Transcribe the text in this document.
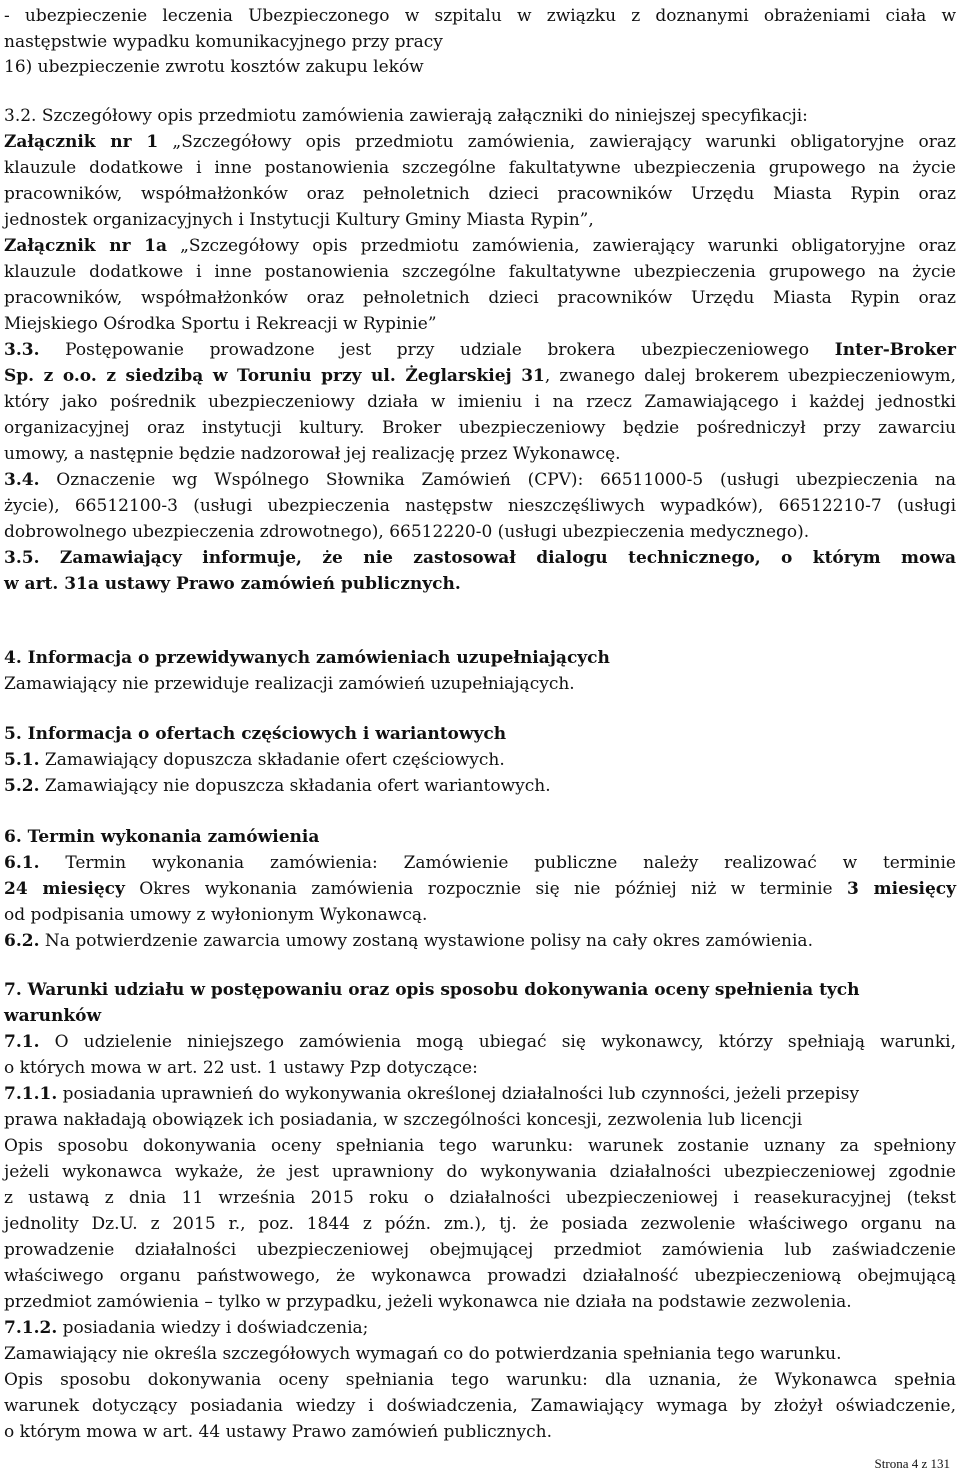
- ubezpieczenie leczenia Ubezpieczonego w szpitalu w związku z doznanymi obrażeniami ciała w
następstwie wypadku komunikacyjnego przy pracy
16) ubezpieczenie zwrotu kosztów zakupu leków
3.2. Szczegółowy opis przedmiotu zamówienia zawierają załączniki do niniejszej specyfikacji:
Załącznik nr 1 „Szczegółowy opis przedmiotu zamówienia, zawierający warunki obligatoryjne oraz
klauzule dodatkowe i inne postanowienia szczególne fakultatywne ubezpieczenia grupowego na życie
pracowników, współmałżonków oraz pełnoletnich dzieci pracowników Urzędu Miasta Rypin oraz
jednostek organizacyjnych i Instytucji Kultury Gminy Miasta Rypin”,
Załącznik nr 1a „Szczegółowy opis przedmiotu zamówienia, zawierający warunki obligatoryjne oraz
klauzule dodatkowe i inne postanowienia szczególne fakultatywne ubezpieczenia grupowego na życie
pracowników, współmałżonków oraz pełnoletnich dzieci pracowników Urzędu Miasta Rypin oraz
Miejskiego Ośrodka Sportu i Rekreacji w Rypinie”
3.3. Postępowanie prowadzone jest przy udziale brokera ubezpieczeniowego Inter-Broker
Sp. z o.o. z siedzibą w Toruniu przy ul. Żeglarskiej 31, zwanego dalej brokerem ubezpieczeniowym,
który jako pośrednik ubezpieczeniowy działa w imieniu i na rzecz Zamawiającego i każdej jednostki
organizacyjnej oraz instytucji kultury. Broker ubezpieczeniowy będzie pośredniczył przy zawarciu
umowy, a następnie będzie nadzorował jej realizację przez Wykonawcę.
3.4. Oznaczenie wg Wspólnego Słownika Zamówień (CPV): 66511000-5 (usługi ubezpieczenia na
życie), 66512100-3 (usługi ubezpieczenia następstw nieszczęśliwych wypadków), 66512210-7 (usługi
dobrowolnego ubezpieczenia zdrowotnego), 66512220-0 (usługi ubezpieczenia medycznego).
3.5. Zamawiający informuje, że nie zastosował dialogu technicznego, o którym mowa
w art. 31a ustawy Prawo zamówień publicznych.
4. Informacja o przewidywanych zamówieniach uzupełniających
Zamawiający nie przewiduje realizacji zamówień uzupełniających.
5. Informacja o ofertach częściowych i wariantowych
5.1. Zamawiający dopuszcza składanie ofert częściowych.
5.2. Zamawiający nie dopuszcza składania ofert wariantowych.
6. Termin wykonania zamówienia
6.1. Termin wykonania zamówienia: Zamówienie publiczne należy realizować w terminie
24 miesięcy Okres wykonania zamówienia rozpocznie się nie później niż w terminie 3 miesięcy
od podpisania umowy z wyłonionym Wykonawcą.
6.2. Na potwierdzenie zawarcia umowy zostaną wystawione polisy na cały okres zamówienia.
7. Warunki udziału w postępowaniu oraz opis sposobu dokonywania oceny spełnienia tych
warunków
7.1. O udzielenie niniejszego zamówienia mogą ubiegać się wykonawcy, którzy spełniają warunki,
o których mowa w art. 22 ust. 1 ustawy Pzp dotyczące:
7.1.1. posiadania uprawnień do wykonywania określonej działalności lub czynności, jeżeli przepisy
prawa nakładają obowiązek ich posiadania, w szczególności koncesji, zezwolenia lub licencji
Opis sposobu dokonywania oceny spełniania tego warunku: warunek zostanie uznany za spełniony
jeżeli wykonawca wykaże, że jest uprawniony do wykonywania działalności ubezpieczeniowej zgodnie
z ustawą z dnia 11 września 2015 roku o działalności ubezpieczeniowej i reasekuracyjnej (tekst
jednolity Dz.U. z 2015 r., poz. 1844 z późn. zm.), tj. że posiada zezwolenie właściwego organu na
prowadzenie działalności ubezpieczeniowej obejmującej przedmiot zamówienia lub zaświadczenie
właściwego organu państwowego, że wykonawca prowadzi działalność ubezpieczeniową obejmującą
przedmiot zamówienia – tylko w przypadku, jeżeli wykonawca nie działa na podstawie zezwolenia.
7.1.2. posiadania wiedzy i doświadczenia;
Zamawiający nie określa szczegółowych wymagań co do potwierdzania spełniania tego warunku.
Opis sposobu dokonywania oceny spełniania tego warunku: dla uznania, że Wykonawca spełnia
warunek dotyczący posiadania wiedzy i doświadczenia, Zamawiający wymaga by złożył oświadczenie,
o którym mowa w art. 44 ustawy Prawo zamówień publicznych.
Strona 4 z 131
